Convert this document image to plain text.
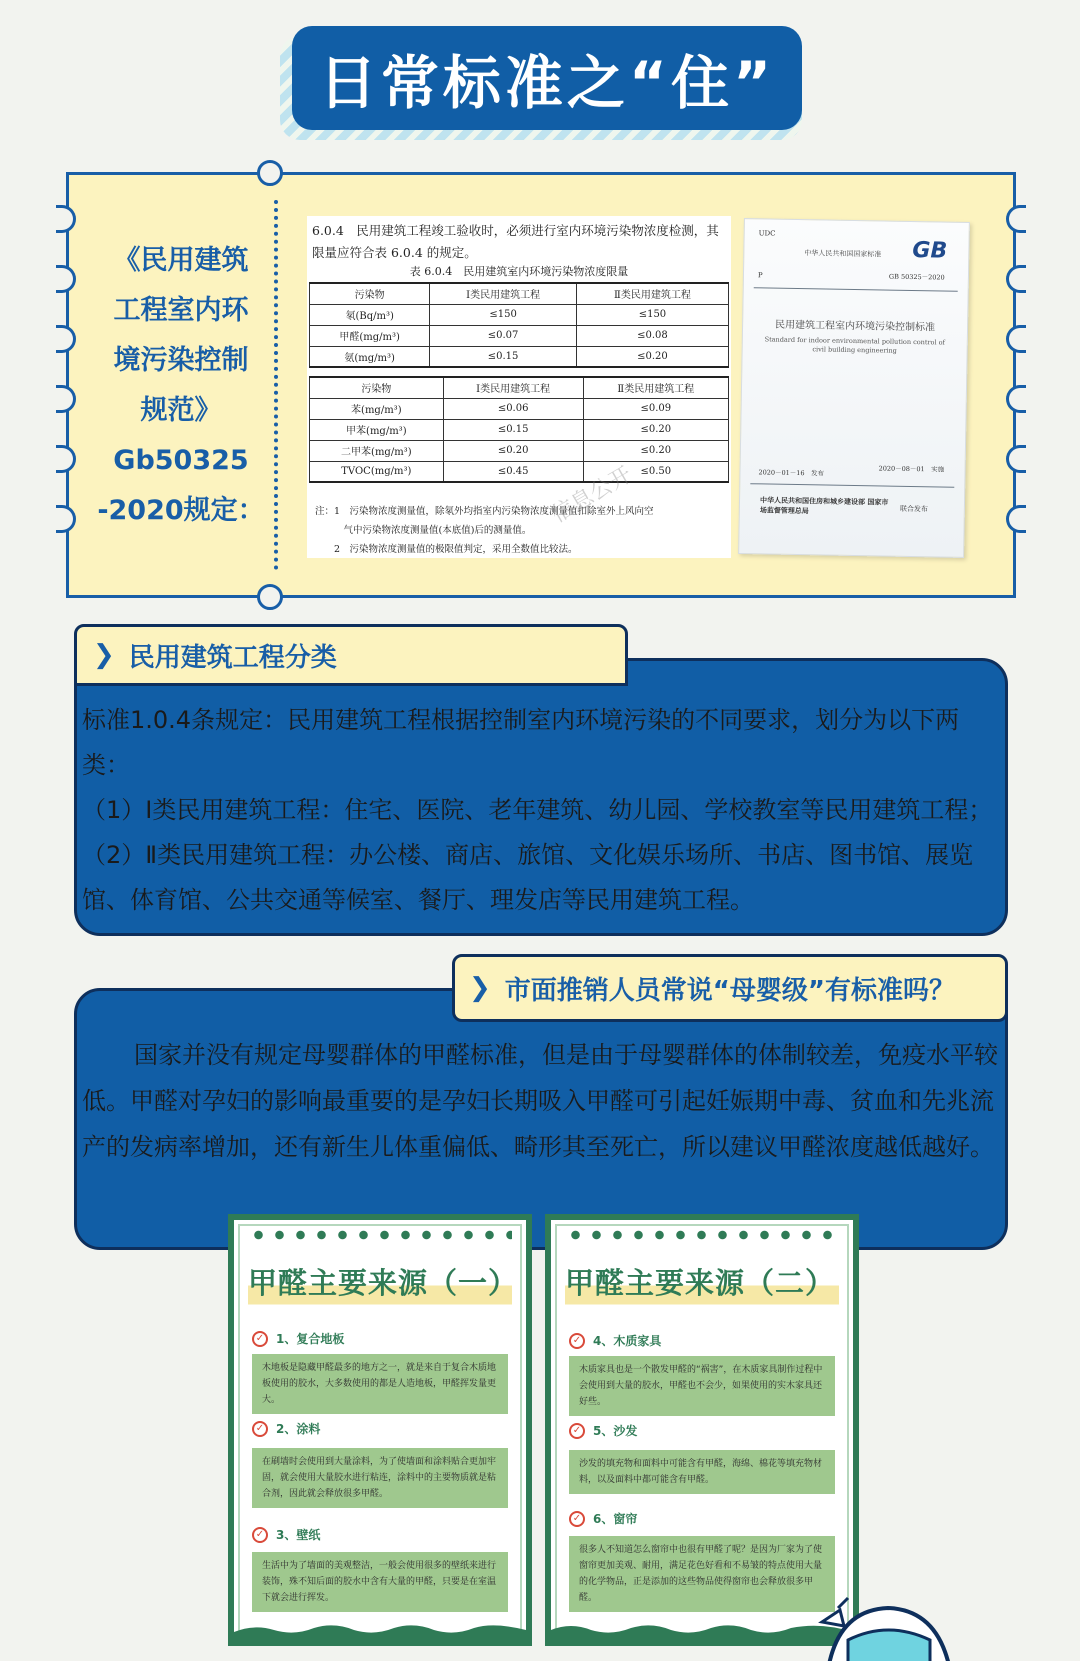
日常标准之“住”
《民用建筑
工程室内环
境污染控制
规范》
Gb50325
-2020规定：
6.0.4　民用建筑工程竣工验收时，必须进行室内环境污染物浓度检测，其限量应符合表 6.0.4 的规定。
表 6.0.4　民用建筑室内环境污染物浓度限量
污染物	Ⅰ类民用建筑工程	Ⅱ类民用建筑工程
氡(Bq/m³)	≤150	≤150
甲醛(mg/m³)	≤0.07	≤0.08
氨(mg/m³)	≤0.15	≤0.20
污染物	Ⅰ类民用建筑工程	Ⅱ类民用建筑工程
苯(mg/m³)	≤0.06	≤0.09
甲苯(mg/m³)	≤0.15	≤0.20
二甲苯(mg/m³)	≤0.20	≤0.20
TVOC(mg/m³)	≤0.45	≤0.50
注：1　污染物浓度测量值，除氡外均指室内污染物浓度测量值扣除室外上风向空
　　　气中污染物浓度测量值(本底值)后的测量值。
　　2　污染物浓度测量值的极限值判定，采用全数值比较法。
信息公开
UDC
中华人民共和国国家标准 GB
P	GB 50325－2020
民用建筑工程室内环境污染控制标准
Standard for indoor environmental pollution control of civil building engineering
2020－01－16　发布	2020－08－01　实施
中华人民共和国住房和城乡建设部 国家市场监督管理总局	联合发布
❯ 民用建筑工程分类

标准1.0.4条规定：民用建筑工程根据控制室内环境污染的不同要求，划分为以下两类：

（1）Ⅰ类民用建筑工程：住宅、医院、老年建筑、幼儿园、学校教室等民用建筑工程；

（2）Ⅱ类民用建筑工程：办公楼、商店、旅馆、文化娱乐场所、书店、图书馆、展览馆、体育馆、公共交通等候室、餐厅、理发店等民用建筑工程。

❯ 市面推销人员常说“母婴级”有标准吗？
国家并没有规定母婴群体的甲醛标准，但是由于母婴群体的体制较差，免疫水平较低。甲醛对孕妇的影响最重要的是孕妇长期吸入甲醛可引起妊娠期中毒、贫血和先兆流产的发病率增加，还有新生儿体重偏低、畸形其至死亡，所以建议甲醛浓度越低越好。
甲醛主要来源（一）
✓ 1、复合地板
木地板是隐藏甲醛最多的地方之一，就是来自于复合木质地板使用的胶水，大多数使用的都是人造地板，甲醛挥发量更大。
✓ 2、涂料
在刷墙时会使用到大量涂料，为了使墙面和涂料贴合更加牢固，就会使用大量胶水进行粘连，涂料中的主要物质就是粘合剂，因此就会释放很多甲醛。
✓ 3、壁纸
生活中为了墙面的美观整洁，一般会使用很多的壁纸来进行装饰，殊不知后面的胶水中含有大量的甲醛，只要是在室温下就会进行挥发。
甲醛主要来源（二）
✓ 4、木质家具
木质家具也是一个散发甲醛的“祸害”，在木质家具制作过程中会使用到大量的胶水，甲醛也不会少，如果使用的实木家具还好些。
✓ 5、沙发
沙发的填充物和面料中可能含有甲醛，海绵、棉花等填充物材料，以及面料中都可能含有甲醛。
✓ 6、窗帘
很多人不知道怎么窗帘中也很有甲醛了呢？是因为厂家为了使窗帘更加美观、耐用，满足花色好看和不易皱的特点使用大量的化学物品，正是添加的这些物品使得窗帘也会释放很多甲醛。
